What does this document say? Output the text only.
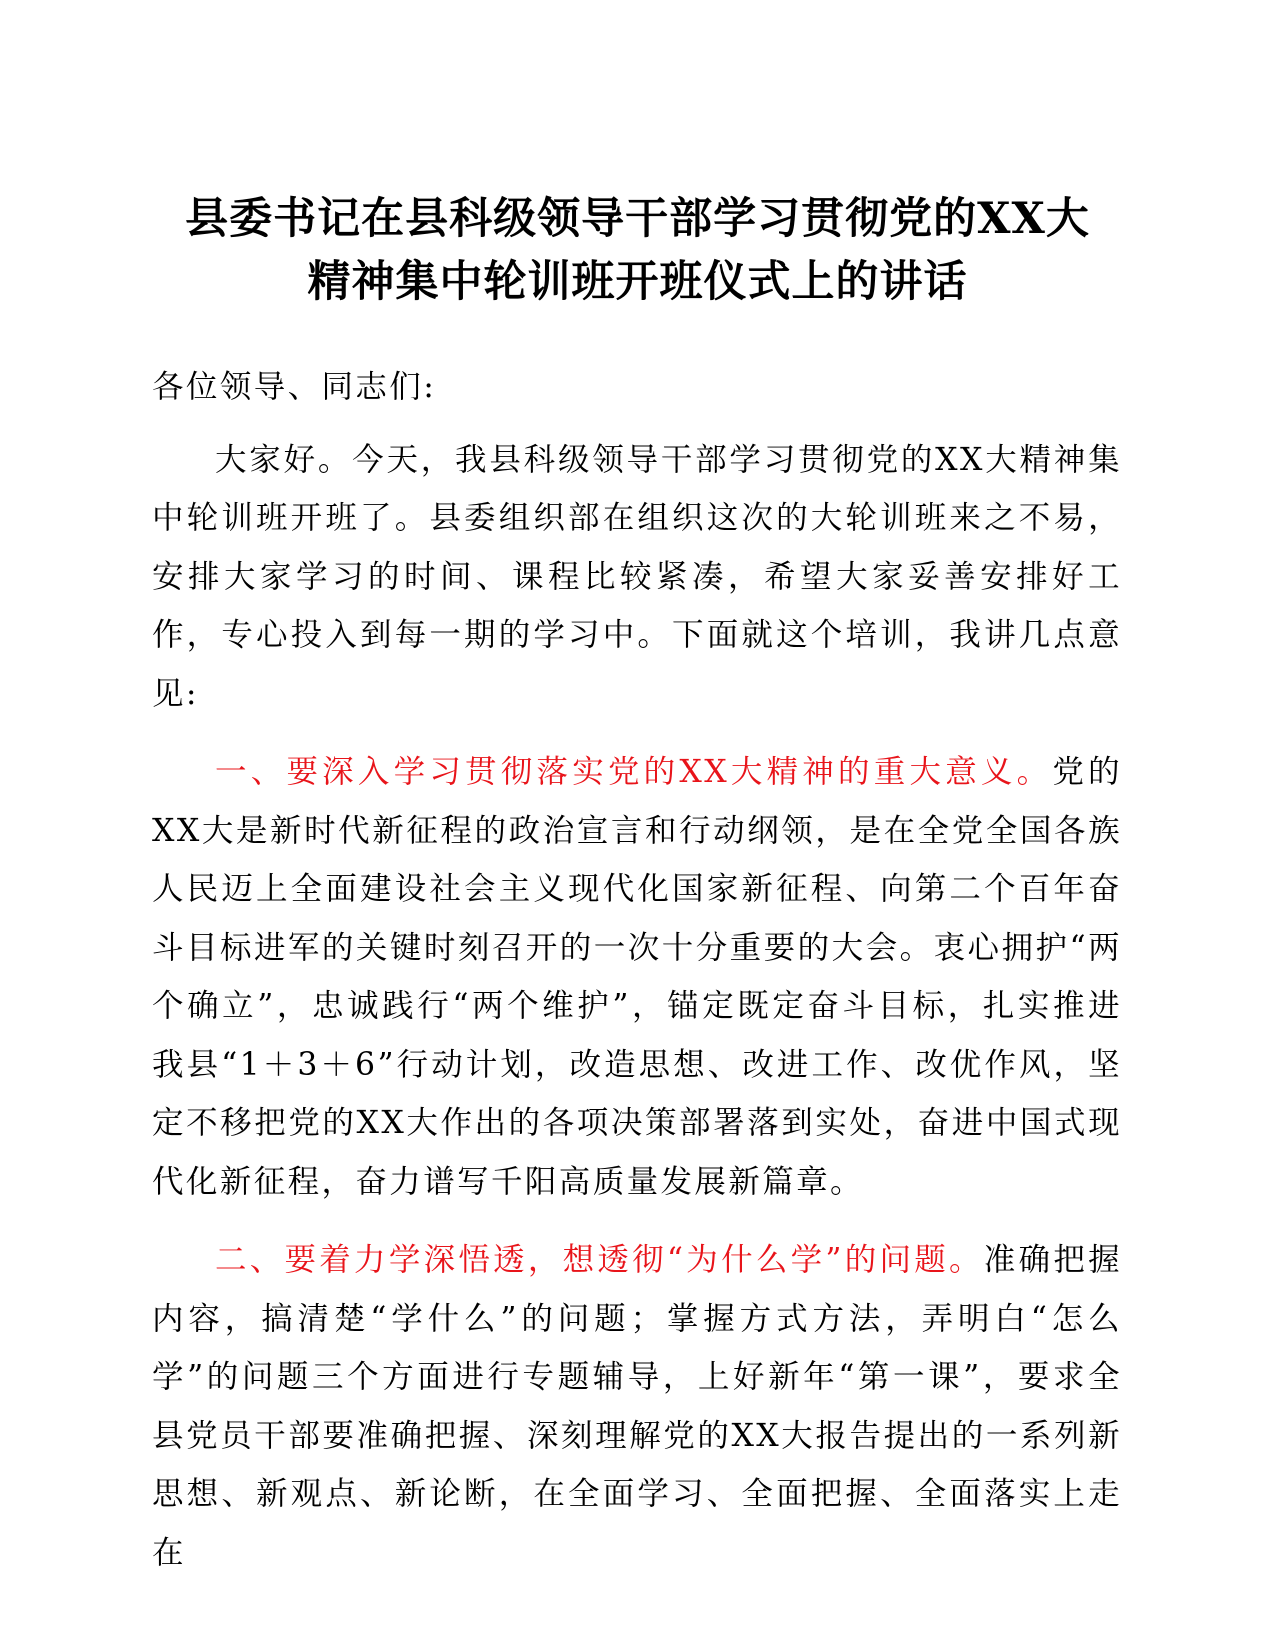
县委书记在县科级领导干部学习贯彻党的XX大
精神集中轮训班开班仪式上的讲话

各位领导、同志们:

大家好。今天，我县科级领导干部学习贯彻党的XX大精神集中轮训班开班了。县委组织部在组织这次的大轮训班来之不易，安排大家学习的时间、课程比较紧凑，希望大家妥善安排好工作，专心投入到每一期的学习中。下面就这个培训，我讲几点意见:

一、要深入学习贯彻落实党的XX大精神的重大意义。党的XX大是新时代新征程的政治宣言和行动纲领，是在全党全国各族人民迈上全面建设社会主义现代化国家新征程、向第二个百年奋斗目标进军的关键时刻召开的一次十分重要的大会。衷心拥护“两个确立”，忠诚践行“两个维护”，锚定既定奋斗目标，扎实推进我县“1＋3＋6”行动计划，改造思想、改进工作、改优作风，坚定不移把党的XX大作出的各项决策部署落到实处，奋进中国式现代化新征程，奋力谱写千阳高质量发展新篇章。

二、要着力学深悟透，想透彻“为什么学”的问题。准确把握内容，搞清楚“学什么”的问题；掌握方式方法，弄明白“怎么学”的问题三个方面进行专题辅导，上好新年“第一课”，要求全县党员干部要准确把握、深刻理解党的XX大报告提出的一系列新思想、新观点、新论断，在全面学习、全面把握、全面落实上走在
